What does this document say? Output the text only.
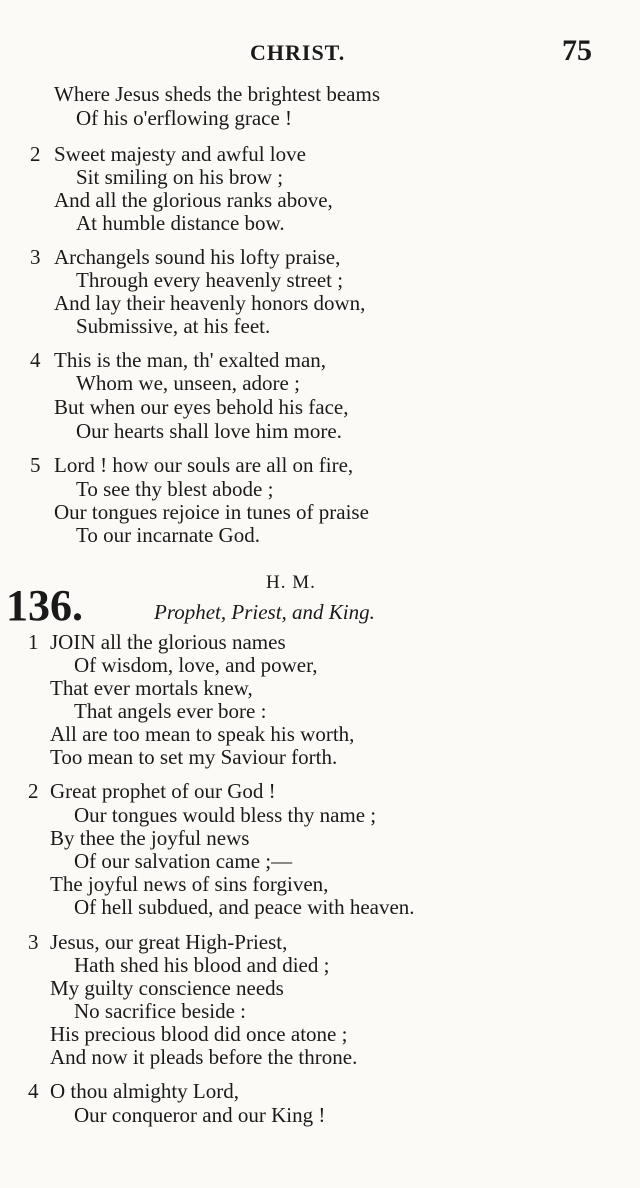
CHRIST.	75
Where Jesus sheds the brightest beams
Of his o'erflowing grace !
2 Sweet majesty and awful love
Sit smiling on his brow ;
And all the glorious ranks above,
At humble distance bow.
3 Archangels sound his lofty praise,
Through every heavenly street ;
And lay their heavenly honors down,
Submissive, at his feet.
4 This is the man, th' exalted man,
Whom we, unseen, adore ;
But when our eyes behold his face,
Our hearts shall love him more.
5 Lord ! how our souls are all on fire,
To see thy blest abode ;
Our tongues rejoice in tunes of praise
To our incarnate God.
136.	H. M.
Prophet, Priest, and King.
1 JOIN all the glorious names
Of wisdom, love, and power,
That ever mortals knew,
That angels ever bore :
All are too mean to speak his worth,
Too mean to set my Saviour forth.
2 Great prophet of our God !
Our tongues would bless thy name ;
By thee the joyful news
Of our salvation came ;—
The joyful news of sins forgiven,
Of hell subdued, and peace with heaven.
3 Jesus, our great High-Priest,
Hath shed his blood and died ;
My guilty conscience needs
No sacrifice beside :
His precious blood did once atone ;
And now it pleads before the throne.
4 O thou almighty Lord,
Our conqueror and our King !
